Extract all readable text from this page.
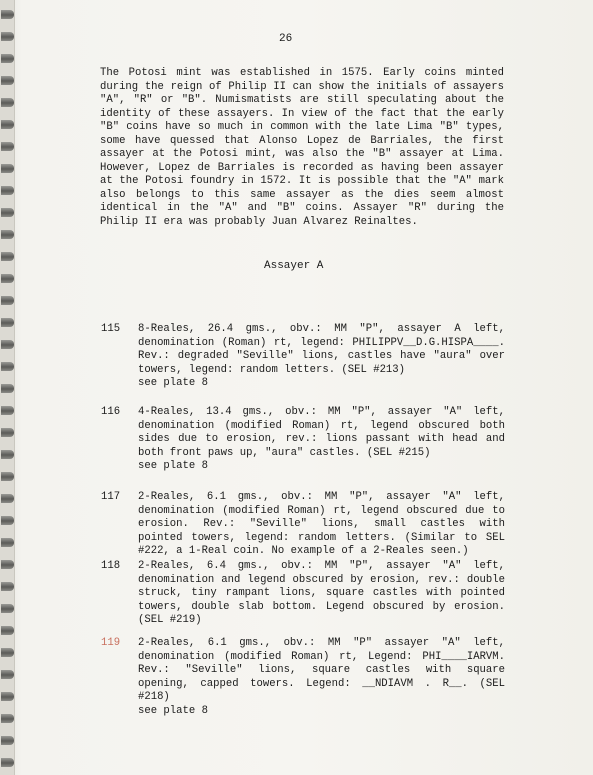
26

The Potosi mint was established in 1575. Early coins minted during the reign of Philip II can show the initials of assayers "A", "R" or "B". Numismatists are still speculating about the identity of these assayers. In view of the fact that the early "B" coins have so much in common with the late Lima "B" types, some have quessed that Alonso Lopez de Barriales, the first assayer at the Potosi mint, was also the "B" assayer at Lima. However, Lopez de Barriales is recorded as having been assayer at the Potosi foundry in 1572. It is possible that the "A" mark also belongs to this same assayer as the dies seem almost identical in the "A" and "B" coins. Assayer "R" during the Philip II era was probably Juan Alvarez Reinaltes.

Assayer A
115	8-Reales, 26.4 gms., obv.: MM "P", assayer A left, denomination (Roman) rt, legend: PHILIPPV__D.G.HISPA____. Rev.: degraded "Seville" lions, castles have "aura" over towers, legend: random letters. (SEL #213)
see plate 8
116	4-Reales, 13.4 gms., obv.: MM "P", assayer "A" left, denomination (modified Roman) rt, legend obscured both sides due to erosion, rev.: lions passant with head and both front paws up, "aura" castles. (SEL #215)
see plate 8
117	2-Reales, 6.1 gms., obv.: MM "P", assayer "A" left, denomination (modified Roman) rt, legend obscured due to erosion. Rev.: "Seville" lions, small castles with pointed towers, legend: random letters. (Similar to SEL #222, a 1-Real coin. No example of a 2-Reales seen.)
118	2-Reales, 6.4 gms., obv.: MM "P", assayer "A" left, denomination and legend obscured by erosion, rev.: double struck, tiny rampant lions, square castles with pointed towers, double slab bottom. Legend obscured by erosion. (SEL #219)
119	2-Reales, 6.1 gms., obv.: MM "P" assayer "A" left, denomination (modified Roman) rt, Legend: PHI____IARVM. Rev.: "Seville" lions, square castles with square opening, capped towers. Legend: __NDIAVM . R__. (SEL #218)
see plate 8
